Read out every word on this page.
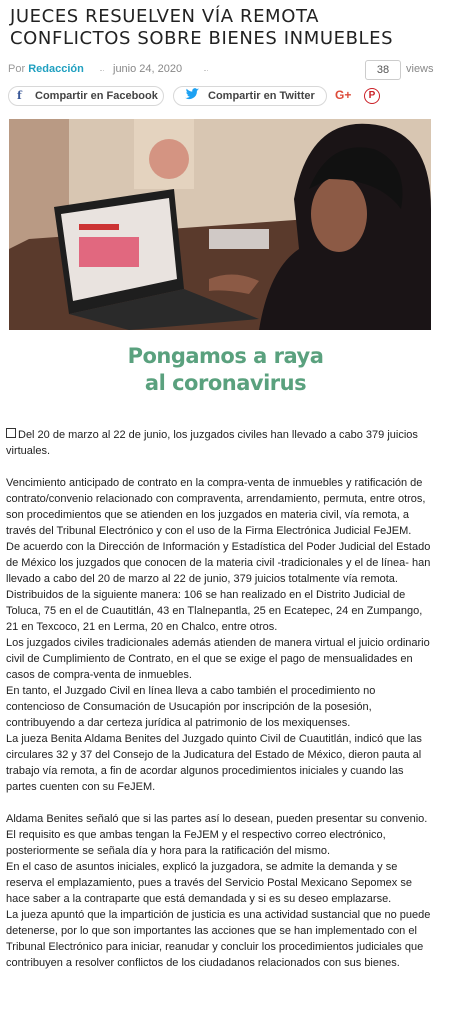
JUECES RESUELVEN VÍA REMOTA
CONFLICTOS SOBRE BIENES INMUEBLES
Por Redacción	junio 24, 2020	38	views
f Compartir en Facebook	Compartir en Twitter G+	P
Pongamos a raya
al coronavirus

Del 20 de marzo al 22 de junio, los juzgados civiles han llevado a cabo 379 juicios virtuales.

Vencimiento anticipado de contrato en la compra-venta de inmuebles y ratificación de contrato/convenio relacionado con compraventa, arrendamiento, permuta, entre otros, son procedimientos que se atienden en los juzgados en materia civil, vía remota, a través del Tribunal Electrónico y con el uso de la Firma Electrónica Judicial FeJEM.

De acuerdo con la Dirección de Información y Estadística del Poder Judicial del Estado de México los juzgados que conocen de la materia civil -tradicionales y el de línea- han llevado a cabo del 20 de marzo al 22 de junio, 379 juicios totalmente vía remota.

Distribuidos de la siguiente manera: 106 se han realizado en el Distrito Judicial de Toluca, 75 en el de Cuautitlán, 43 en Tlalnepantla, 25 en Ecatepec, 24 en Zumpango, 21 en Texcoco, 21 en Lerma, 20 en Chalco, entre otros.

Los juzgados civiles tradicionales además atienden de manera virtual el juicio ordinario civil de Cumplimiento de Contrato, en el que se exige el pago de mensualidades en casos de compra-venta de inmuebles.

En tanto, el Juzgado Civil en línea lleva a cabo también el procedimiento no contencioso de Consumación de Usucapión por inscripción de la posesión, contribuyendo a dar certeza jurídica al patrimonio de los mexiquenses.

La jueza Benita Aldama Benites del Juzgado quinto Civil de Cuautitlán, indicó que las circulares 32 y 37 del Consejo de la Judicatura del Estado de México, dieron pauta al trabajo vía remota, a fin de acordar algunos procedimientos iniciales y cuando las partes cuenten con su FeJEM.

Aldama Benites señaló que si las partes así lo desean, pueden presentar su convenio. El requisito es que ambas tengan la FeJEM y el respectivo correo electrónico, posteriormente se señala día y hora para la ratificación del mismo.

En el caso de asuntos iniciales, explicó la juzgadora, se admite la demanda y se reserva el emplazamiento, pues a través del Servicio Postal Mexicano Sepomex se hace saber a la contraparte que está demandada y si es su deseo emplazarse.

La jueza apuntó que la impartición de justicia es una actividad sustancial que no puede detenerse, por lo que son importantes las acciones que se han implementado con el Tribunal Electrónico para iniciar, reanudar y concluir los procedimientos judiciales que contribuyen a resolver conflictos de los ciudadanos relacionados con sus bienes.
